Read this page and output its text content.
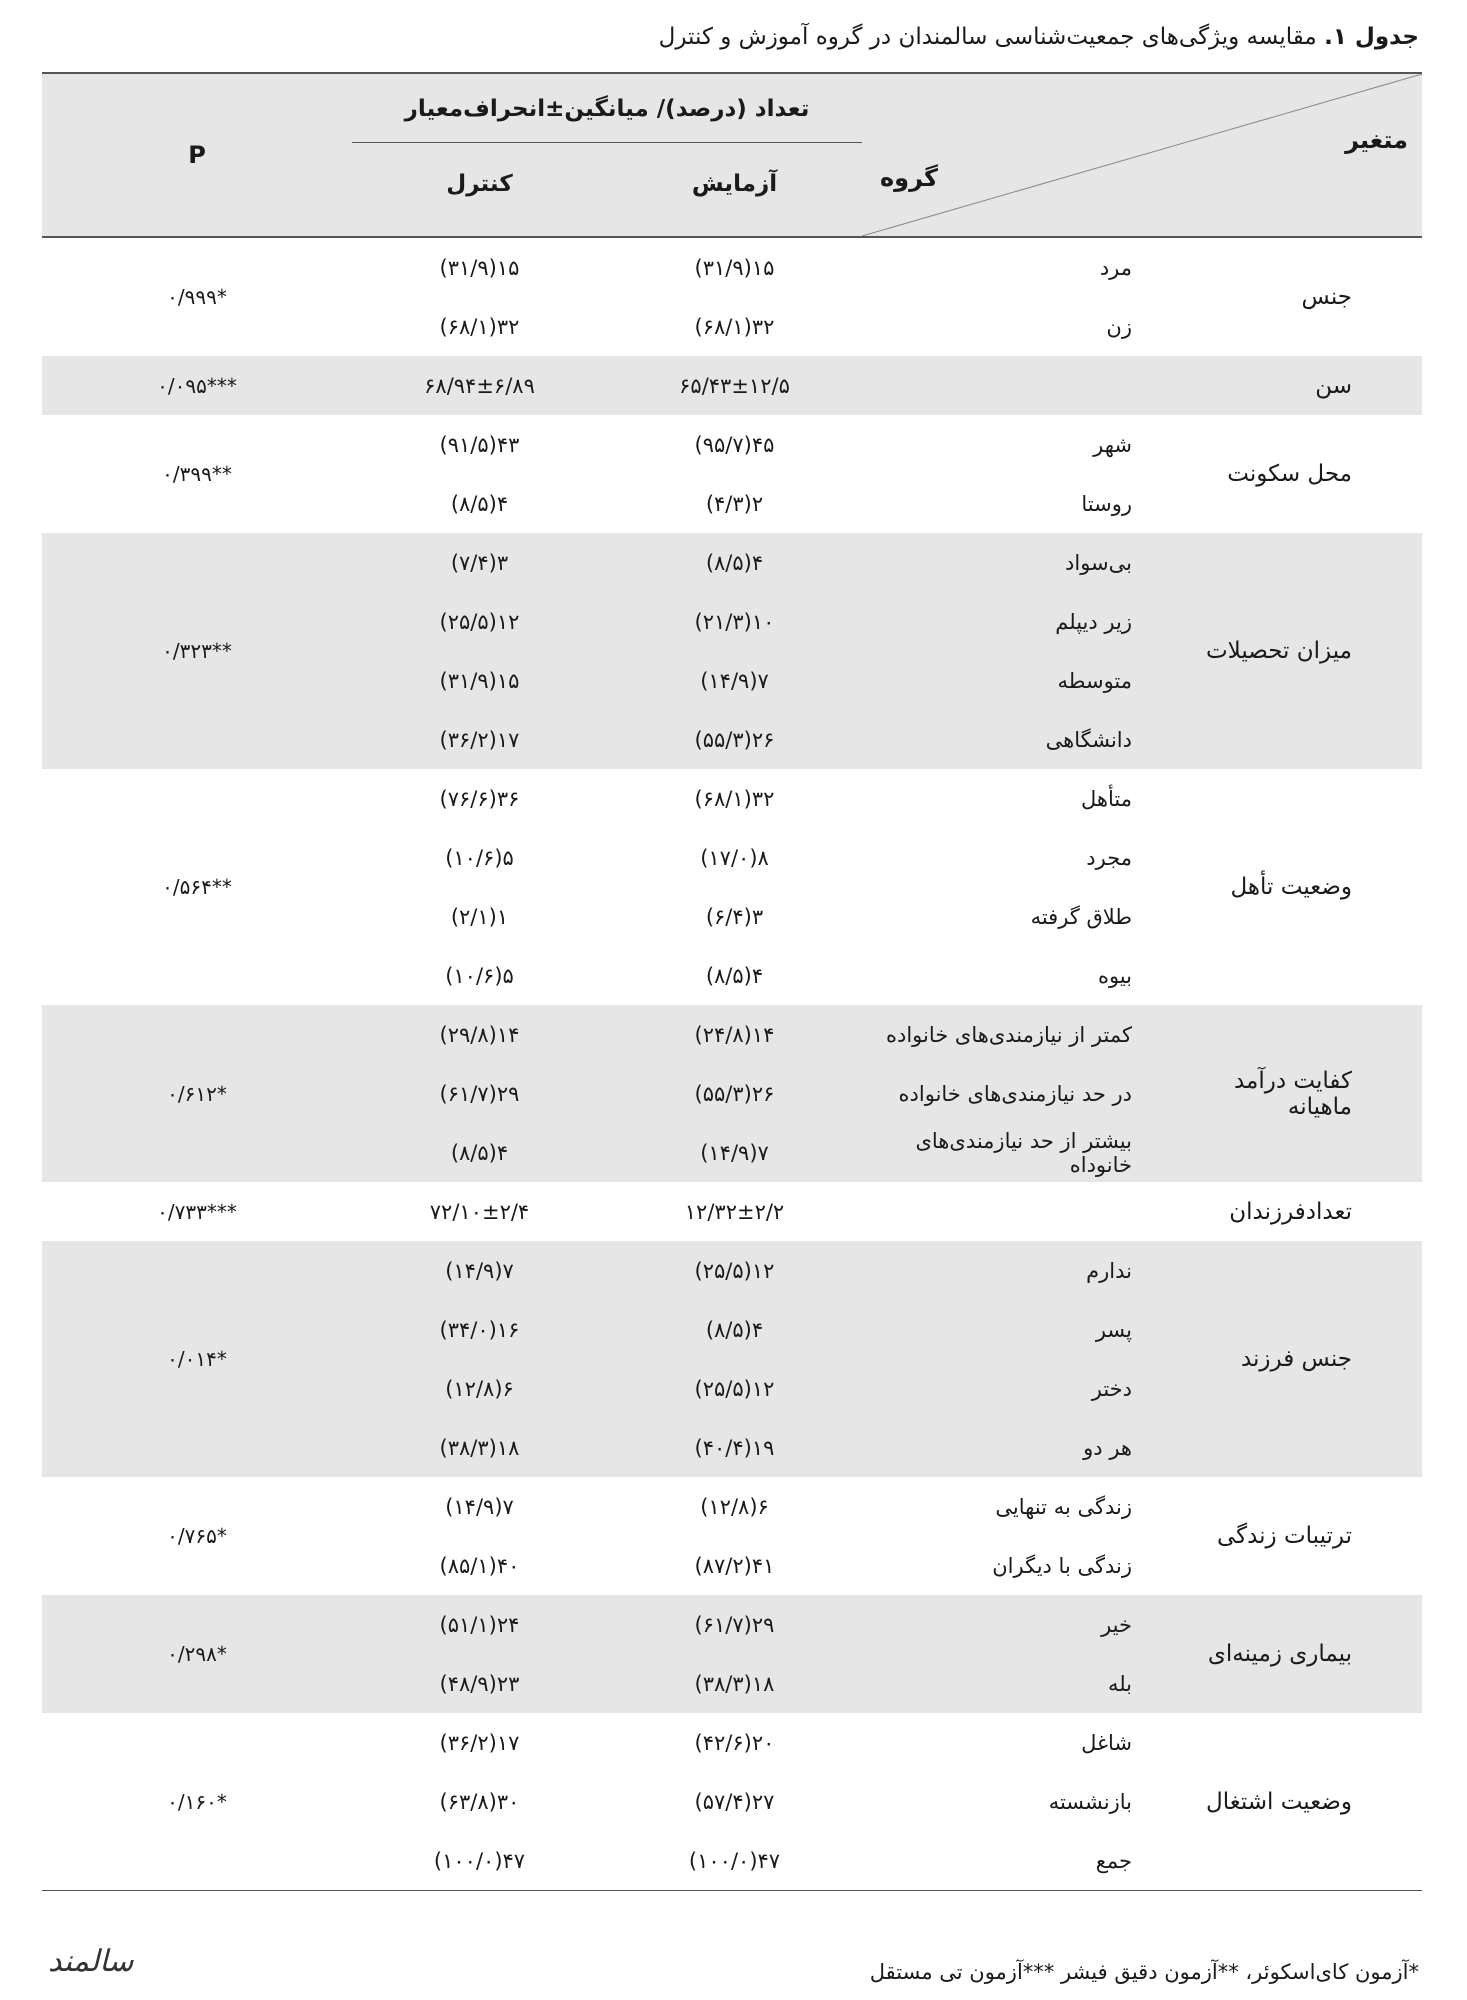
جدول ۱. مقایسه ویژگی‌های جمعیت‌شناسی سالمندان در گروه آموزش و کنترل
متغیر
گروه		تعداد (درصد)/ میانگین±انحراف‌معیار		P
		آزمایش	کنترل	
جنس	مرد	۱۵(۳۱/۹)	۱۵(۳۱/۹)	۰/۹۹۹*
	زن	۳۲(۶۸/۱)	۳۲(۶۸/۱)	
سن		۶۵/۴۳±۱۲/۵	۶۸/۹۴±۶/۸۹	۰/۰۹۵***
محل سکونت	شهر	۴۵(۹۵/۷)	۴۳(۹۱/۵)	۰/۳۹۹**
	روستا	۲(۴/۳)	۴(۸/۵)	
میزان تحصیلات	بی‌سواد	۴(۸/۵)	۳(۷/۴)	۰/۳۲۳**
	زیر دیپلم	۱۰(۲۱/۳)	۱۲(۲۵/۵)	
	متوسطه	۷(۱۴/۹)	۱۵(۳۱/۹)	
	دانشگاهی	۲۶(۵۵/۳)	۱۷(۳۶/۲)	
وضعیت تأهل	متأهل	۳۲(۶۸/۱)	۳۶(۷۶/۶)	۰/۵۶۴**
	مجرد	۸(۱۷/۰)	۵(۱۰/۶)	
	طلاق گرفته	۳(۶/۴)	۱(۲/۱)	
	بیوه	۴(۸/۵)	۵(۱۰/۶)	
کفایت درآمد ماهیانه	کمتر از نیازمندی‌های خانواده	۱۴(۲۴/۸)	۱۴(۲۹/۸)	۰/۶۱۲*
	در حد نیازمندی‌های خانواده	۲۶(۵۵/۳)	۲۹(۶۱/۷)	
	بیشتر از حد نیازمندی‌های خانوداه	۷(۱۴/۹)	۴(۸/۵)	
تعدادفرزندان		۱۲/۳۲±۲/۲	۷۲/۱۰±۲/۴	۰/۷۳۳***
جنس فرزند	ندارم	۱۲(۲۵/۵)	۷(۱۴/۹)	۰/۰۱۴*
	پسر	۴(۸/۵)	۱۶(۳۴/۰)	
	دختر	۱۲(۲۵/۵)	۶(۱۲/۸)	
	هر دو	۱۹(۴۰/۴)	۱۸(۳۸/۳)	
ترتیبات زندگی	زندگی به تنهایی	۶(۱۲/۸)	۷(۱۴/۹)	۰/۷۶۵*
	زندگی با دیگران	۴۱(۸۷/۲)	۴۰(۸۵/۱)	
بیماری زمینه‌ای	خیر	۲۹(۶۱/۷)	۲۴(۵۱/۱)	۰/۲۹۸*
	بله	۱۸(۳۸/۳)	۲۳(۴۸/۹)	
وضعیت اشتغال	شاغل	۲۰(۴۲/۶)	۱۷(۳۶/۲)	۰/۱۶۰*
	بازنشسته	۲۷(۵۷/۴)	۳۰(۶۳/۸)	
	جمع	۴۷(۱۰۰/۰)	۴۷(۱۰۰/۰)	
*آزمون کای‌اسکوئر، **آزمون دقیق فیشر ***آزمون تی مستقل
سالمند
